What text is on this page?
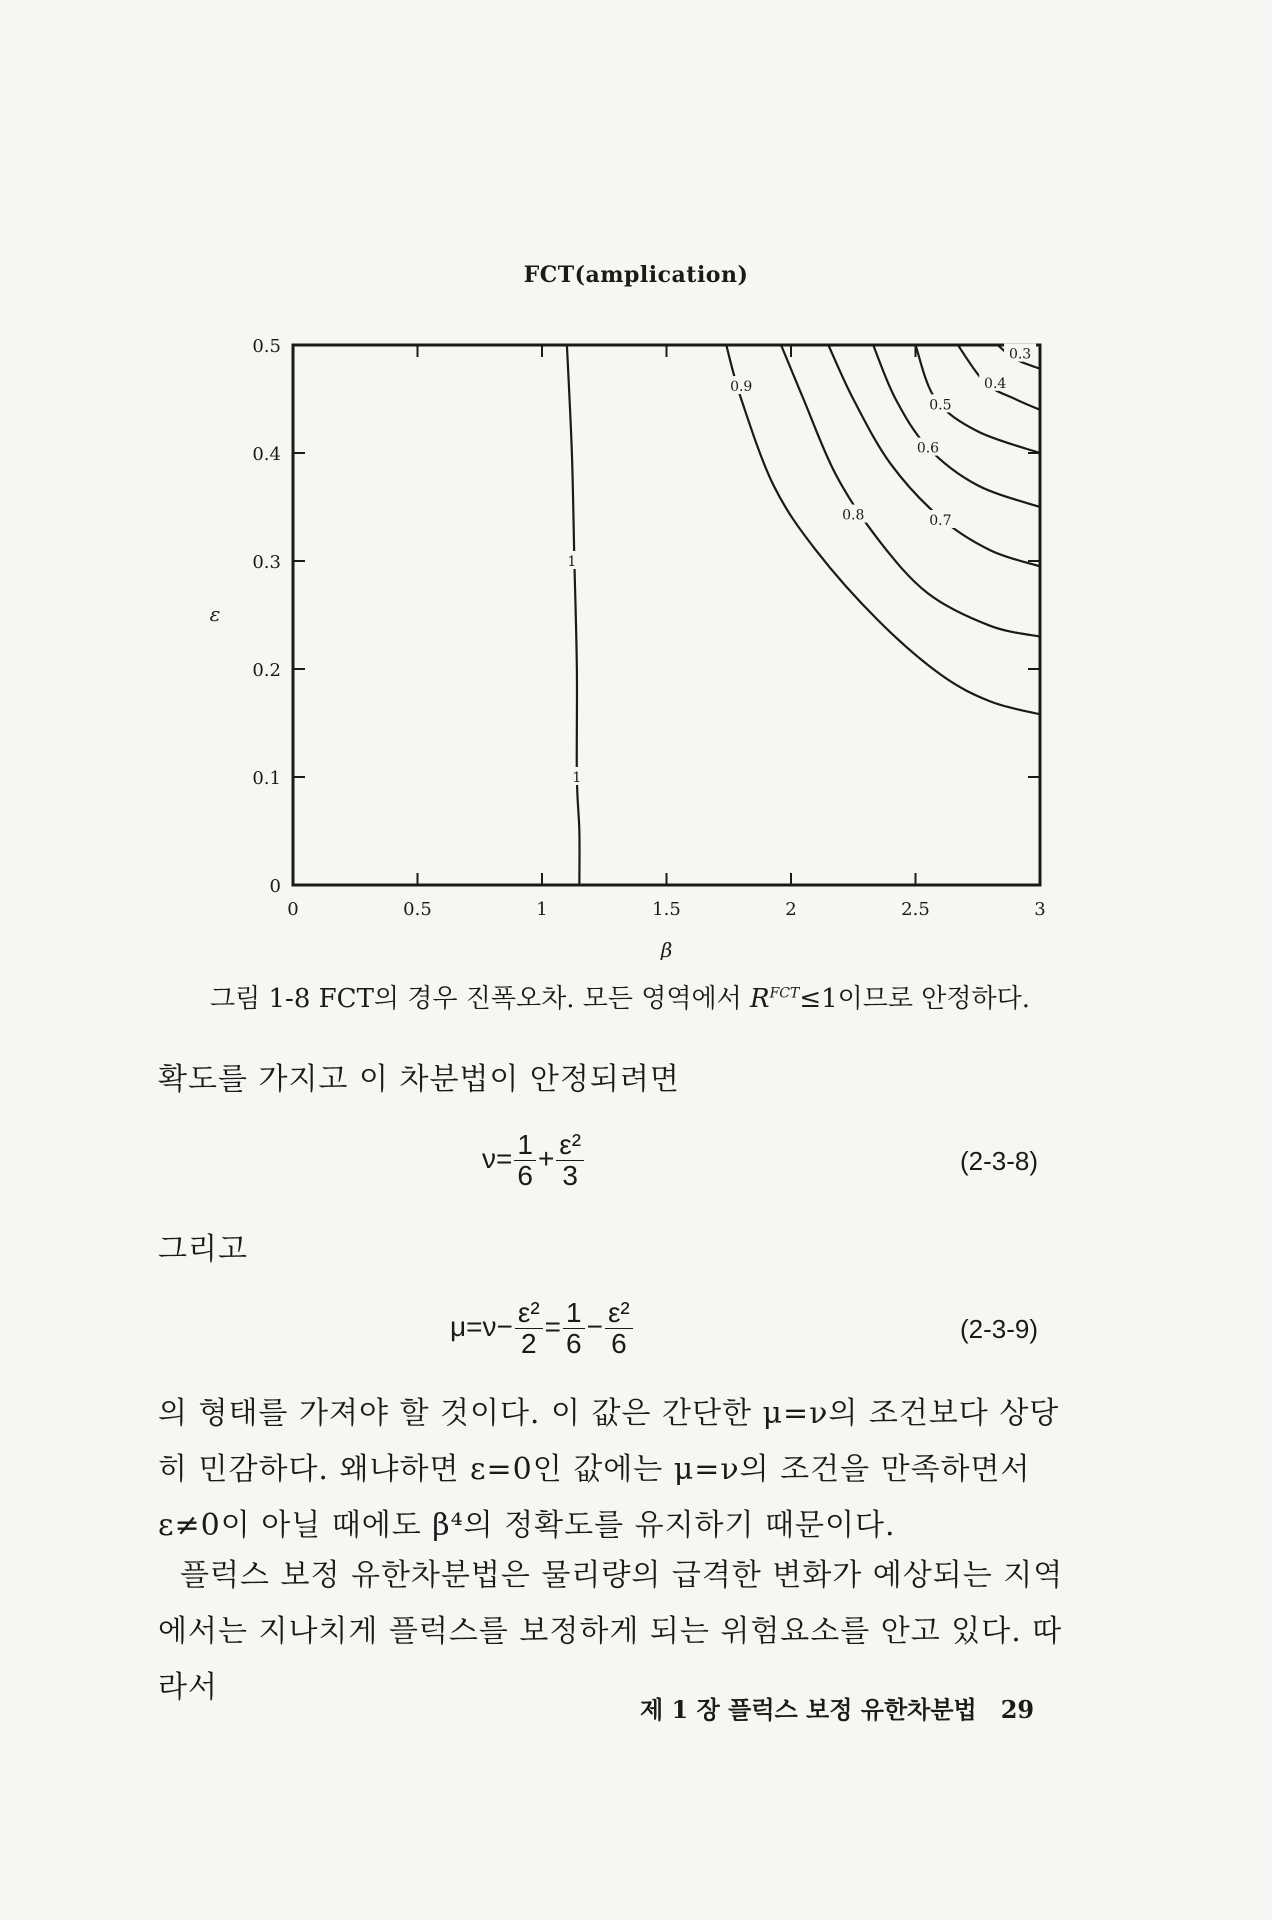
FCT(amplication)
0	0.5	1	1.5	2	2.5	3
0
0.1
0.2
0.3
0.4
0.5
β
ε
1
1
0.9
0.8	0.7
0.6
0.5
0.4
0.3
그림 1-8 FCT의 경우 진폭오차. 모든 영역에서 $R^{FCT}\le 1$이므로 안정하다.
확도를 가지고 이 차분법이 안정되려면
$\nu= \frac{1}{6} + \frac{\text{ε²}}{3}$	(2-3-8)
그리고
$\mu=\nu- \frac{\text{ε²}}{2} = \frac{1}{6} - \frac{\text{ε²}}{6}$	(2-3-9)
의 형태를 가져야 할 것이다. 이 값은 간단한 μ=ν의 조건보다 상당히 민감하다. 왜냐하면 ε=0인 값에는 μ=ν의 조건을 만족하면서 ε≠0이 아닐 때에도 β⁴의 정확도를 유지하기 때문이다.
플럭스 보정 유한차분법은 물리량의 급격한 변화가 예상되는 지역에서는 지나치게 플럭스를 보정하게 되는 위험요소를 안고 있다. 따라서
제 1 장 플럭스 보정 유한차분법 29
